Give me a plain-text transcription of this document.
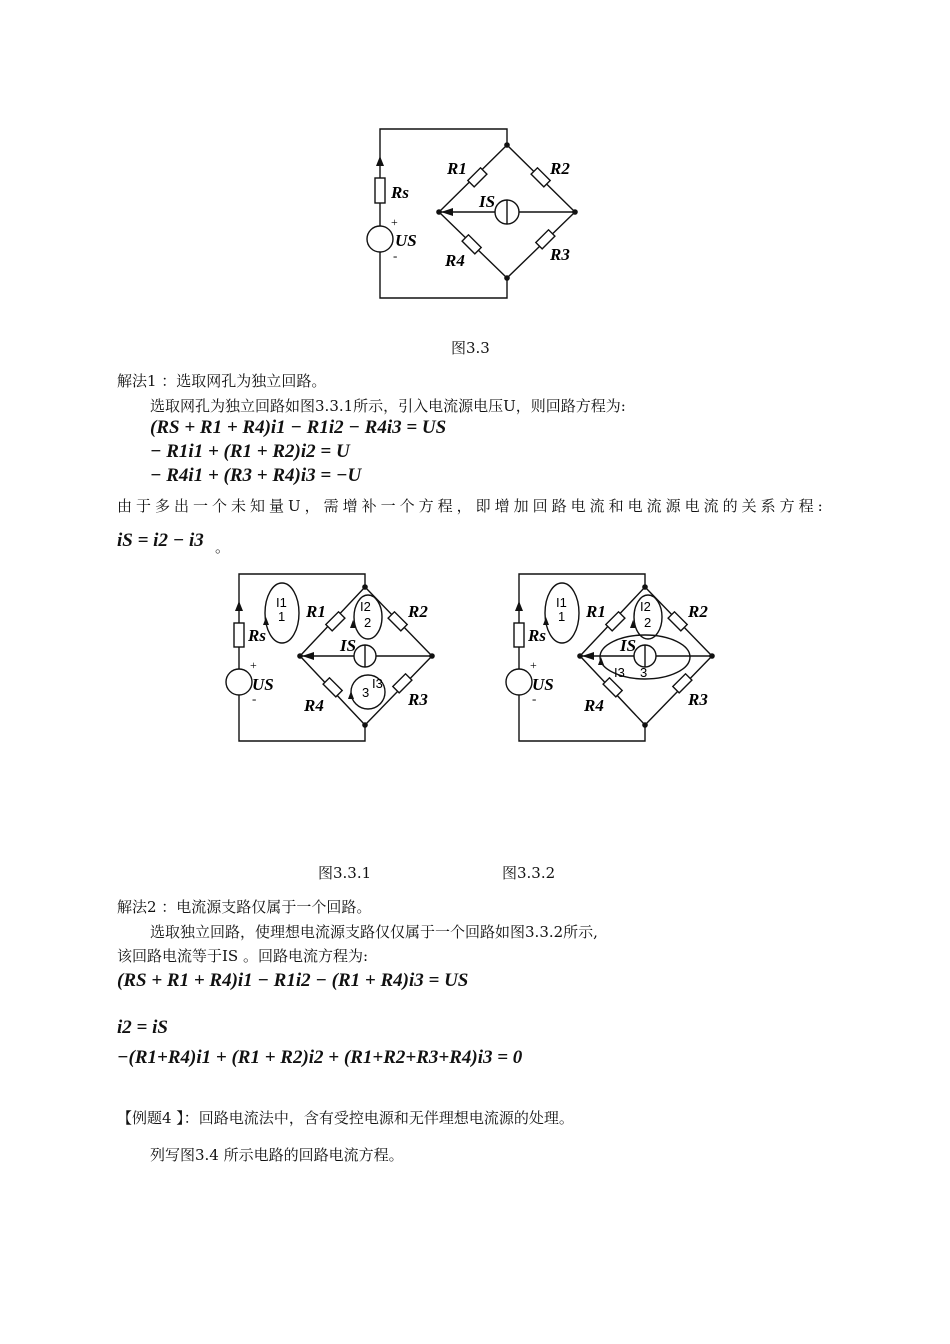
R1	R2
R3
R4
Rs	IS
US
+
-
图3.3
解法1 ：选取网孔为独立回路。
选取网孔为独立回路如图3.3.1所示，引入电流源电压U，则回路方程为:
(RS + R1 + R4)i1 − R1i2 − R4i3 = US
− R1i1 + (R1 + R2)i2 = U
− R4i1 + (R3 + R4)i3 = −U
由于多出一个未知量U，需增补一个方程，即增加回路电流和电流源电流的关系方程:
iS = i2 − i3 。
R1	R2
R3
R4
Rs
IS
US
+
-
I1
1
I2
2
I3
3
R1	R2
R3
R4
Rs
IS
US
+
-
I1
1
I2
2
I3 3
图3.3.1	图3.3.2
解法2 ：电流源支路仅属于一个回路。
选取独立回路，使理想电流源支路仅仅属于一个回路如图3.3.2所示,
该回路电流等于IS 。回路电流方程为:
(RS + R1 + R4)i1 − R1i2 − (R1 + R4)i3 = US
i2 = iS
−(R1+R4)i1 + (R1 + R2)i2 + (R1+R2+R3+R4)i3 = 0
【例题4 】：回路电流法中，含有受控电源和无伴理想电流源的处理。
列写图3.4 所示电路的回路电流方程。
